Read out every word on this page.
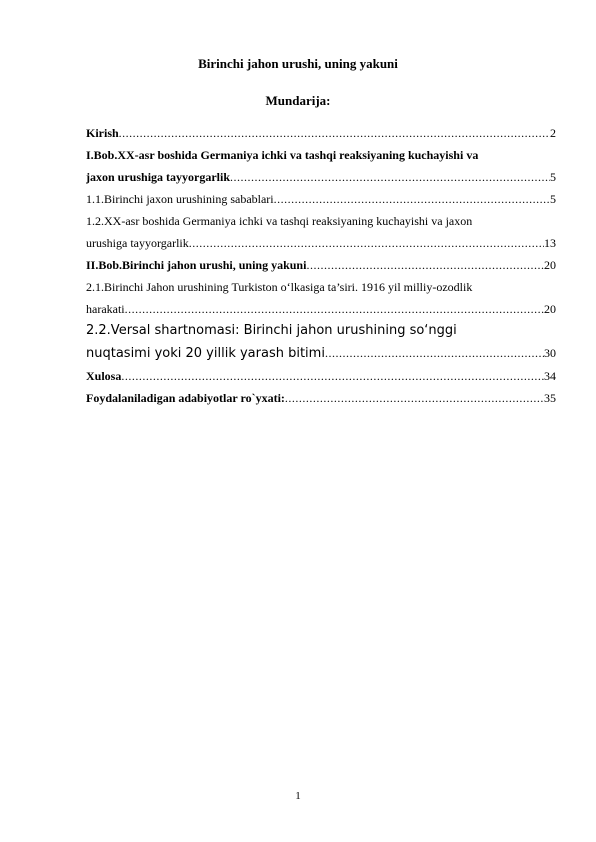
Birinchi jahon urushi, uning yakuni
Mundarija:
Kirish .....	2
I.Bob.XX-asr boshida Germaniya ichki va tashqi reaksiyaning kuchayishi va
jaxon urushiga tayyorgarlik .....	5
1.1.Birinchi jaxon urushining sabablari .....	5
1.2.XX-asr boshida Germaniya ichki va tashqi reaksiyaning kuchayishi va jaxon
urushiga tayyorgarlik .....	13
II.Bob.Birinchi jahon urushi, uning yakuni .....	20
2.1.Birinchi Jahon urushining Turkiston o‘lkasiga ta’siri. 1916 yil milliy-ozodlik
harakati .....	20
2.2.Versal shartnomasi: Birinchi jahon urushining so‘nggi
nuqtasimi yoki 20 yillik yarash bitimi .....	30
Xulosa .....	34
Foydalaniladigan adabiyotlar ro`yxati: .....	35
1
